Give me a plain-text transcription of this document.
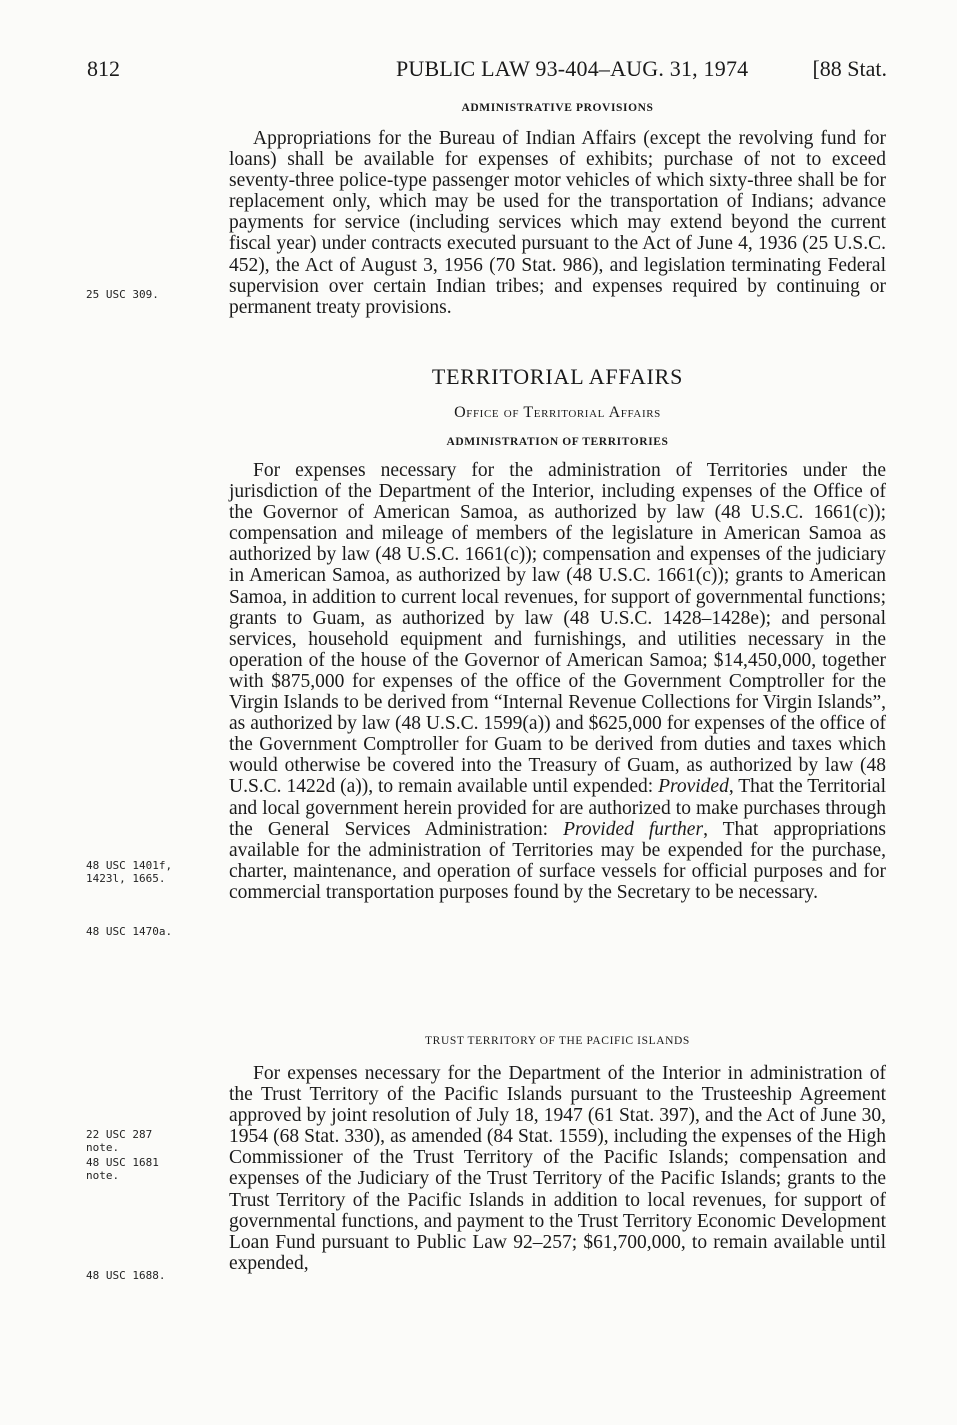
812	PUBLIC LAW 93-404–AUG. 31, 1974	[88 Stat.
ADMINISTRATIVE PROVISIONS

Appropriations for the Bureau of Indian Affairs (except the revolving fund for loans) shall be available for expenses of exhibits; purchase of not to exceed seventy-three police-type passenger motor vehicles of which sixty-three shall be for replacement only, which may be used for the transportation of Indians; advance payments for service (including services which may extend beyond the current fiscal year) under contracts executed pursuant to the Act of June 4, 1936 (25 U.S.C. 452), the Act of August 3, 1956 (70 Stat. 986), and legislation terminating Federal supervision over certain Indian tribes; and expenses required by continuing or permanent treaty provisions.

TERRITORIAL AFFAIRS
Office of Territorial Affairs
ADMINISTRATION OF TERRITORIES

For expenses necessary for the administration of Territories under the jurisdiction of the Department of the Interior, including expenses of the Office of the Governor of American Samoa, as authorized by law (48 U.S.C. 1661(c)); compensation and mileage of members of the legislature in American Samoa as authorized by law (48 U.S.C. 1661(c)); compensation and expenses of the judiciary in American Samoa, as authorized by law (48 U.S.C. 1661(c)); grants to American Samoa, in addition to current local revenues, for support of governmental functions; grants to Guam, as authorized by law (48 U.S.C. 1428–1428e); and personal services, household equipment and furnishings, and utilities necessary in the operation of the house of the Governor of American Samoa; $14,450,000, together with $875,000 for expenses of the office of the Government Comptroller for the Virgin Islands to be derived from “Internal Revenue Collections for Virgin Islands”, as authorized by law (48 U.S.C. 1599(a)) and $625,000 for expenses of the office of the Government Comptroller for Guam to be derived from duties and taxes which would otherwise be covered into the Treasury of Guam, as authorized by law (48 U.S.C. 1422d (a)), to remain available until expended: Provided, That the Territorial and local government herein provided for are authorized to make purchases through the General Services Administration: Provided further, That appropriations available for the administration of Territories may be expended for the purchase, charter, maintenance, and operation of surface vessels for official purposes and for commercial transportation purposes found by the Secretary to be necessary.

TRUST TERRITORY OF THE PACIFIC ISLANDS

For expenses necessary for the Department of the Interior in administration of the Trust Territory of the Pacific Islands pursuant to the Trusteeship Agreement approved by joint resolution of July 18, 1947 (61 Stat. 397), and the Act of June 30, 1954 (68 Stat. 330), as amended (84 Stat. 1559), including the expenses of the High Commissioner of the Trust Territory of the Pacific Islands; compensation and expenses of the Judiciary of the Trust Territory of the Pacific Islands; grants to the Trust Territory of the Pacific Islands in addition to local revenues, for support of governmental functions, and payment to the Trust Territory Economic Development Loan Fund pursuant to Public Law 92–257; $61,700,000, to remain available until expended,

25 USC 309.
48 USC 1401f, 1423l, 1665.
48 USC 1470a.
22 USC 287 note.
48 USC 1681 note.
48 USC 1688.
